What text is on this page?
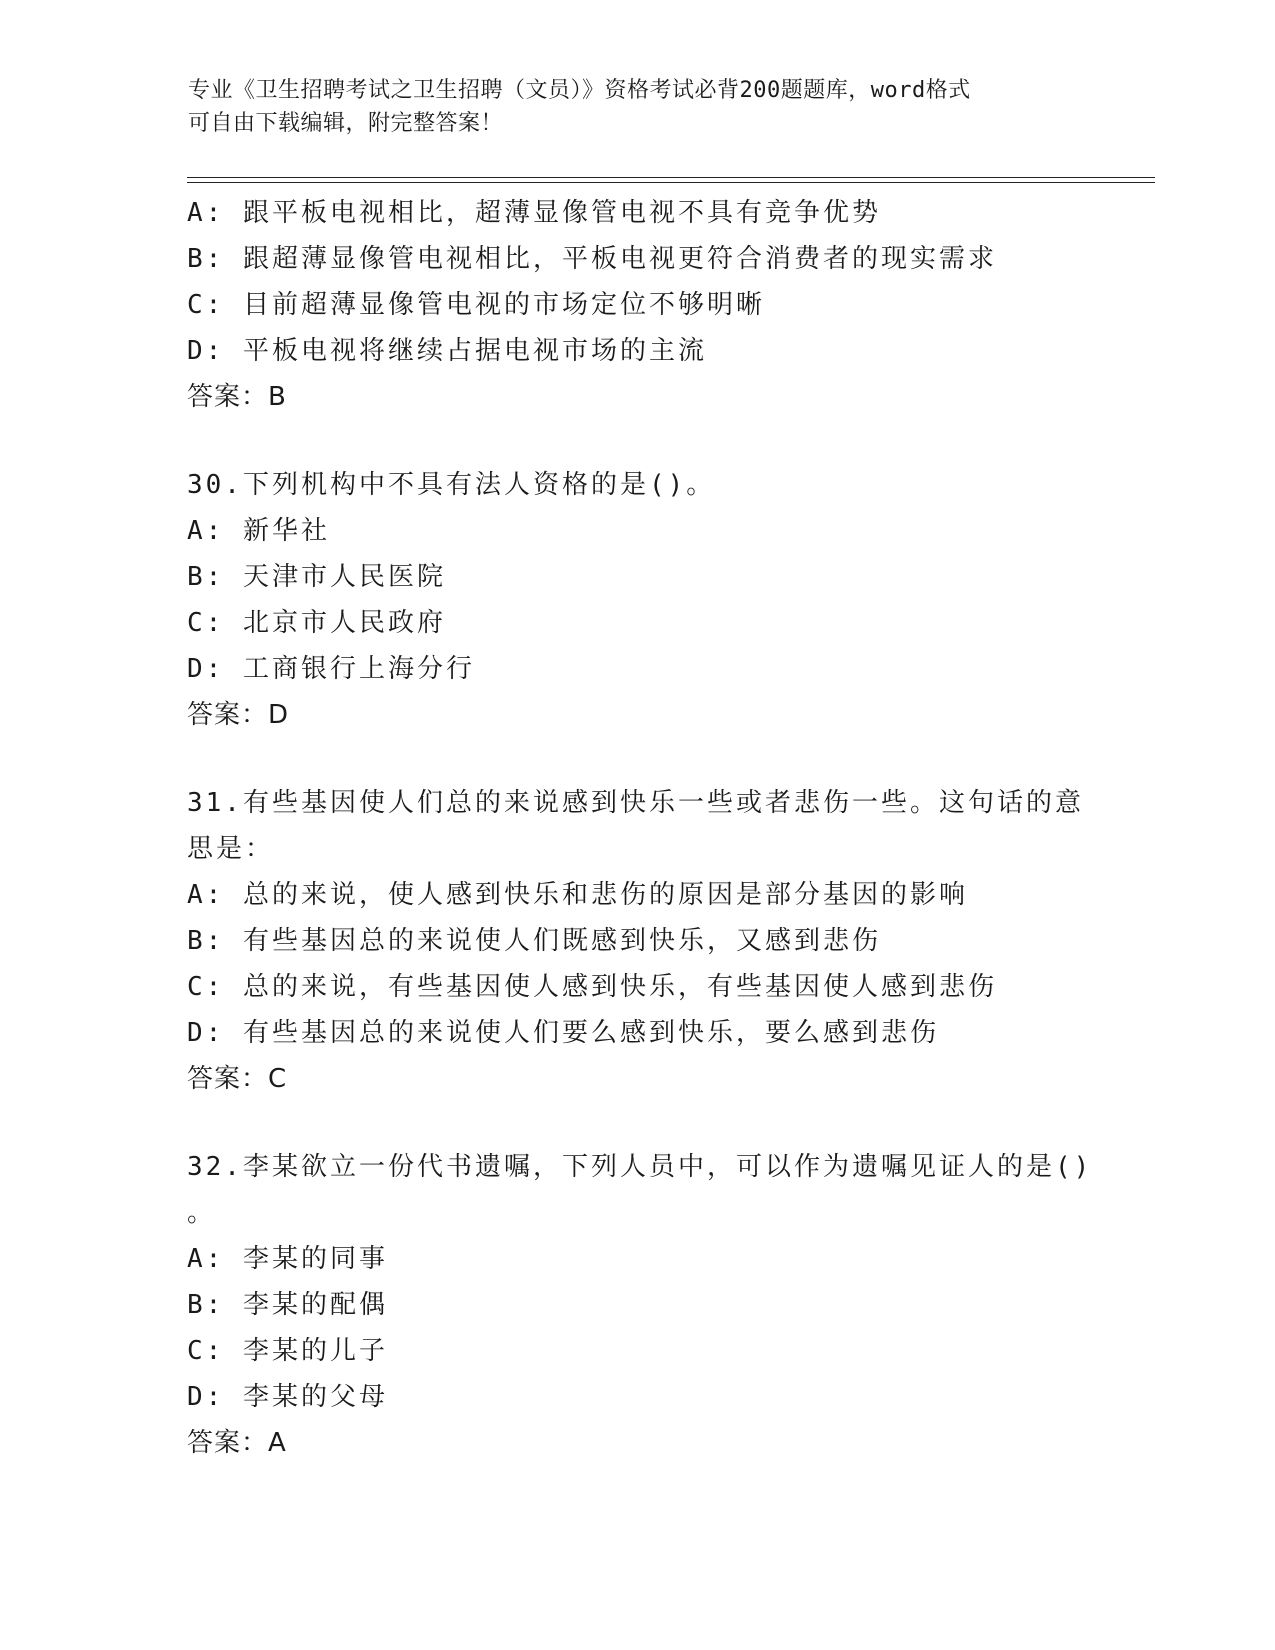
专业《卫生招聘考试之卫生招聘（文员）》资格考试必背200题题库，word格式
可自由下载编辑，附完整答案！
A: 跟平板电视相比，超薄显像管电视不具有竞争优势
B: 跟超薄显像管电视相比，平板电视更符合消费者的现实需求
C: 目前超薄显像管电视的市场定位不够明晰
D: 平板电视将继续占据电视市场的主流
答案：B
30.下列机构中不具有法人资格的是()。
A: 新华社
B: 天津市人民医院
C: 北京市人民政府
D: 工商银行上海分行
答案：D
31.有些基因使人们总的来说感到快乐一些或者悲伤一些。这句话的意
思是：
A: 总的来说，使人感到快乐和悲伤的原因是部分基因的影响
B: 有些基因总的来说使人们既感到快乐，又感到悲伤
C: 总的来说，有些基因使人感到快乐，有些基因使人感到悲伤
D: 有些基因总的来说使人们要么感到快乐，要么感到悲伤
答案：C
32.李某欲立一份代书遗嘱，下列人员中，可以作为遗嘱见证人的是()
。
A: 李某的同事
B: 李某的配偶
C: 李某的儿子
D: 李某的父母
答案：A
